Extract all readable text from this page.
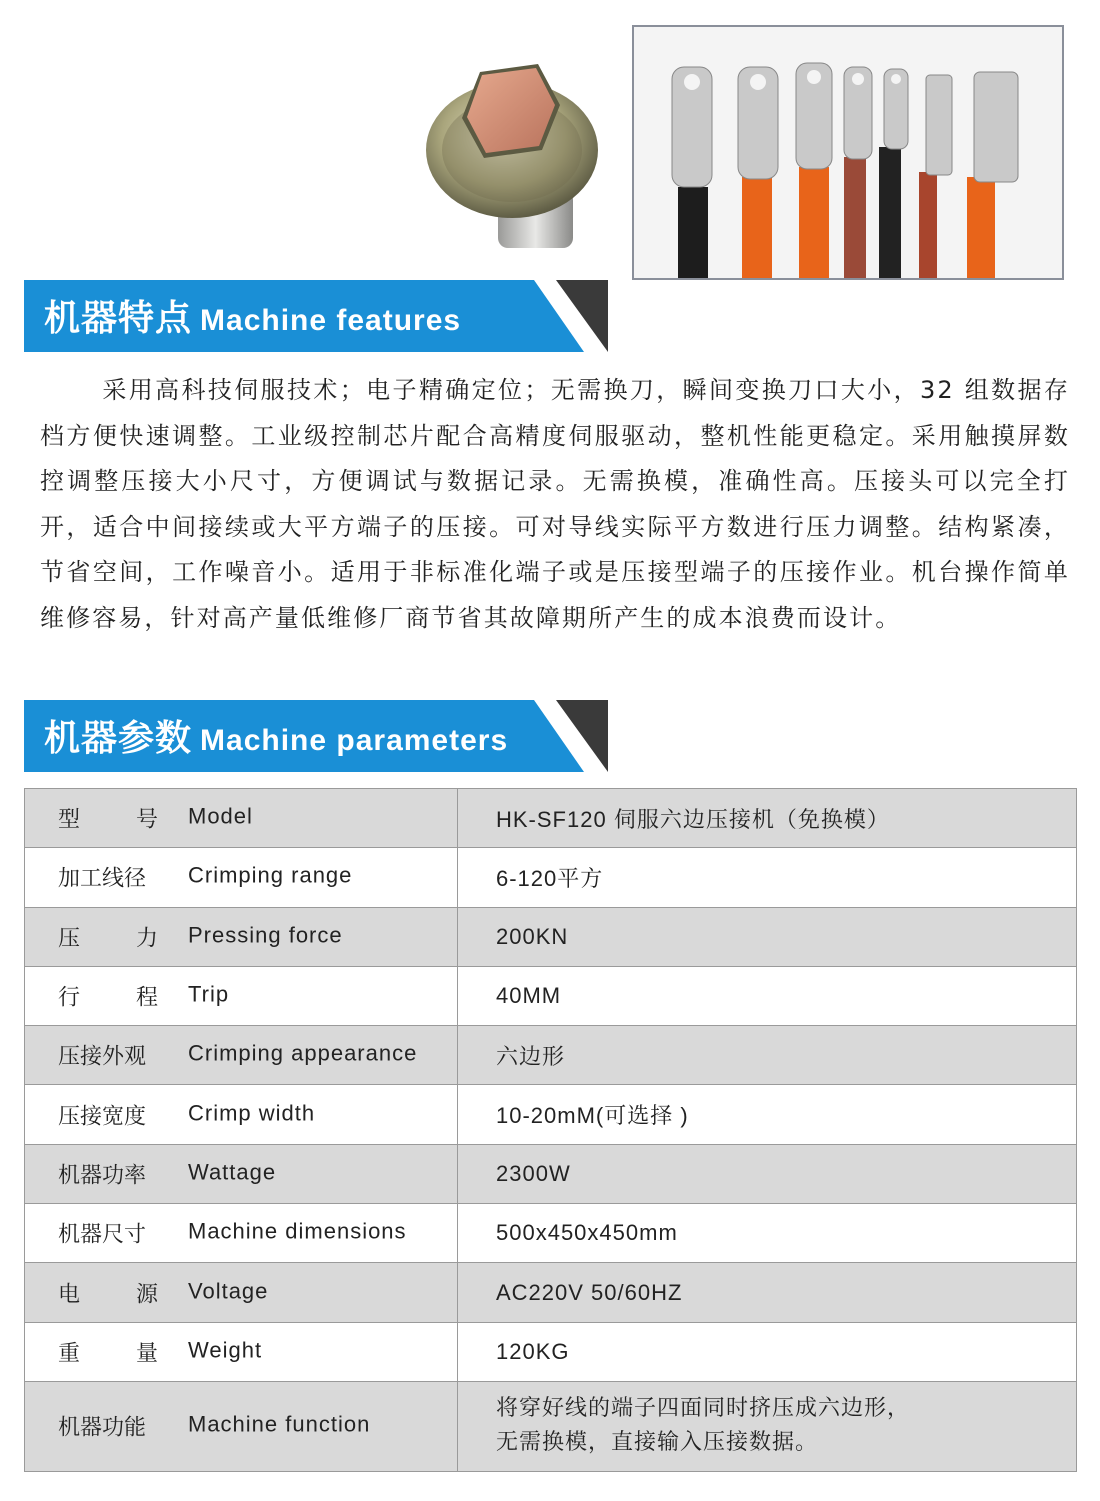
机器特点 Machine features

采用高科技伺服技术；电子精确定位；无需换刀，瞬间变换刀口大小，32 组数据存档方便快速调整。工业级控制芯片配合高精度伺服驱动，整机性能更稳定。采用触摸屏数控调整压接大小尺寸，方便调试与数据记录。无需换模，准确性高。压接头可以完全打开，适合中间接续或大平方端子的压接。可对导线实际平方数进行压力调整。结构紧凑，节省空间，工作噪音小。适用于非标准化端子或是压接型端子的压接作业。机台操作简单维修容易，针对高产量低维修厂商节省其故障期所产生的成本浪费而设计。

机器参数 Machine parameters
型 号 Model	HK-SF120 伺服六边压接机（免换模）

加工线径 Crimping range	6-120平方

压 力 Pressing force	200KN

行 程 Trip	40MM

压接外观 Crimping appearance	六边形

压接宽度 Crimp width	10-20mM(可选择 )

机器功率 Wattage	2300W

机器尺寸 Machine dimensions	500x450x450mm

电 源 Voltage	AC220V 50/60HZ

重 量 Weight	120KG

机器功能 Machine function	将穿好线的端子四面同时挤压成六边形，
无需换模，直接输入压接数据。
